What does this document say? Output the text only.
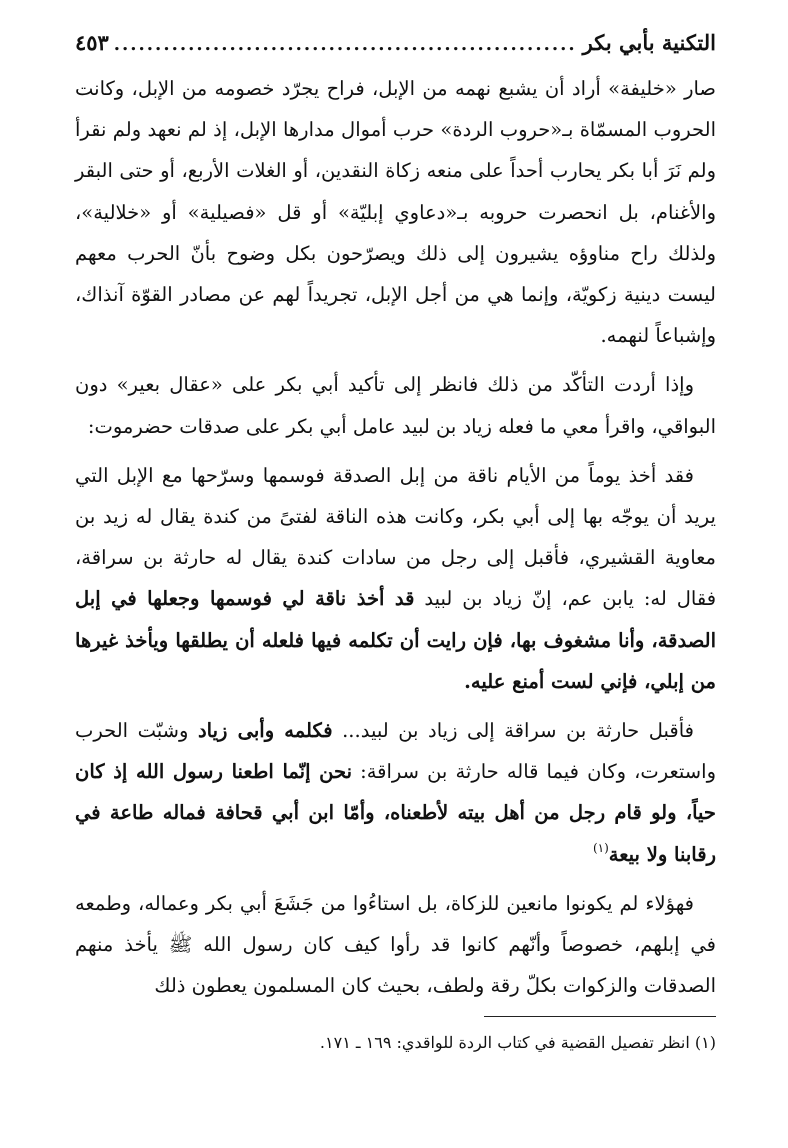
التكنية بأبي بكر
.....
٤٥٣

صار «خليفة» أراد أن يشبع نهمه من الإبل، فراح يجرّد خصومه من الإبل، وكانت الحروب المسمّاة بـ«حروب الردة» حرب أموال مدارها الإبل، إذ لم نعهد ولم نقرأ ولم نَرَ أبا بكر يحارب أحداً على منعه زكاة النقدين، أو الغلات الأربع، أو حتى البقر والأغنام، بل انحصرت حروبه بـ«دعاوي إبليّة» أو قل «فصيلية» أو «خلالية»، ولذلك راح مناوؤه يشيرون إلى ذلك ويصرّحون بكل وضوح بأنّ الحرب معهم ليست دينية زكويّة، وإنما هي من أجل الإبل، تجريداً لهم عن مصادر القوّة آنذاك، وإشباعاً لنهمه.

وإذا أردت التأكّد من ذلك فانظر إلى تأكيد أبي بكر على «عقال بعير» دون البواقي، واقرأ معي ما فعله زياد بن لبيد عامل أبي بكر على صدقات حضرموت:

فقد أخذ يوماً من الأيام ناقة من إبل الصدقة فوسمها وسرّحها مع الإبل التي يريد أن يوجّه بها إلى أبي بكر، وكانت هذه الناقة لفتىً من كندة يقال له زيد بن معاوية القشيري، فأقبل إلى رجل من سادات كندة يقال له حارثة بن سراقة، فقال له: يابن عم، إنّ زياد بن لبيد قد أخذ ناقة لي فوسمها وجعلها في إبل الصدقة، وأنا مشغوف بها، فإن رايت أن تكلمه فيها فلعله أن يطلقها ويأخذ غيرها من إبلي، فإني لست أمنع عليه.

فأقبل حارثة بن سراقة إلى زياد بن لبيد... فكلمه وأبى زياد وشبّت الحرب واستعرت، وكان فيما قاله حارثة بن سراقة: نحن إنّما اطعنا رسول الله إذ كان حياً، ولو قام رجل من أهل بيته لأطعناه، وأمّا ابن أبي قحافة فماله طاعة في رقابنا ولا بيعة$^{(١)}$

فهؤلاء لم يكونوا مانعين للزكاة، بل استاءُوا من جَشَعَ أبي بكر وعماله، وطمعه في إبلهم، خصوصاً وأنّهم كانوا قد رأوا كيف كان رسول الله ﷺ يأخذ منهم الصدقات والزكوات بكلّ رقة ولطف، بحيث كان المسلمون يعطون ذلك

(١) انظر تفصيل القضية في كتاب الردة للواقدي: ١٦٩ ـ ١٧١.
